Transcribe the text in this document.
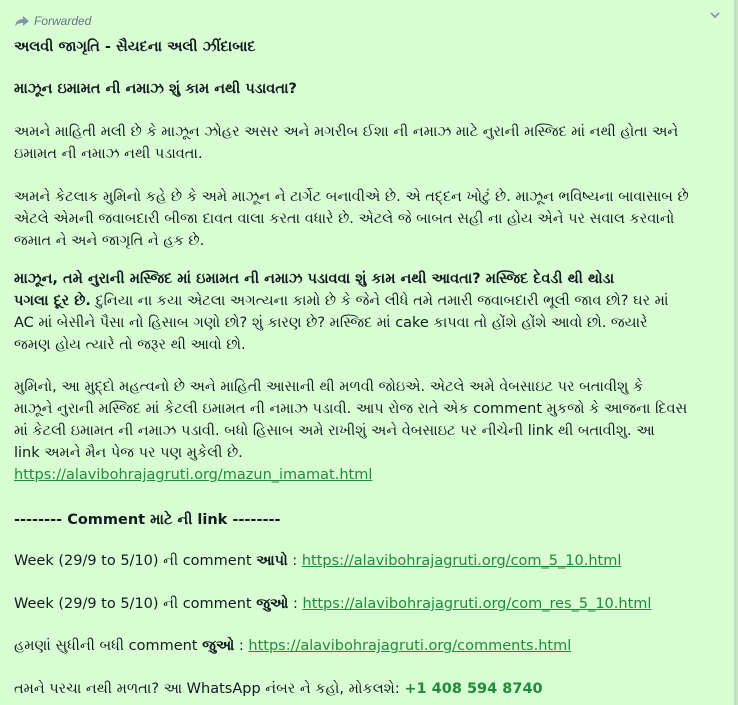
Forwarded
અલવી જાગૃતિ - સૈયદના અલી ઝીંદાબાદ
માઝૂન ઇમામત ની નમાઝ શું કામ નથી પડાવતા?
અમને માહિતી મલી છે કે માઝૂન ઝોહર અસર અને મગરીબ ઈશા ની નમાઝ માટે નુરાની મસ્જિદ માં નથી હોતા અને
ઇમામત ની નમાઝ નથી પડાવતા.
અમને કેટલાક મુમિનો કહે છે કે અમે માઝૂન ને ટાર્ગેટ બનાવીએ છે. એ તદ્દન ખોટું છે. માઝૂન ભવિષ્યના બાવાસાબ છે
એટલે એમની જવાબદારી બીજા દાવત વાલા કરતા વધારે છે. એટલે જે બાબત સહી ના હોય એને પર સવાલ કરવાનો
જમાત ને અને જાગૃતિ ને હક છે.
માઝૂન, તમે નુરાની મસ્જિદ માં ઇમામત ની નમાઝ પડાવવા શું કામ નથી આવતા? મસ્જિદ દેવડી થી થોડા
પગલા દૂર છે. દુનિયા ના કયા એટલા અગત્યના કામો છે કે જેને લીધે તમે તમારી જવાબદારી ભૂલી જાવ છો? ઘર માં
AC માં બેસીને પૈસા નો હિસાબ ગણો છો? શું કારણ છે? મસ્જિદ માં cake કાપવા તો હોંશે હોંશે આવો છો. જયારે
જમણ હોય ત્યારે તો જરૂર થી આવો છો.
મુમિનો, આ મુદ્દો મહત્વનો છે અને માહિતી આસાની થી મળવી જોઇએ. એટલે અમે વેબસાઇટ પર બતાવીશુ કે
માઝૂને નુરાની મસ્જિદ માં કેટલી ઇમામત ની નમાઝ પડાવી. આપ રોજ રાતે એક comment મુકજો કે આજના દિવસ
માં કેટલી ઇમામત ની નમાઝ પડાવી. બધો હિસાબ અમે રાખીશું અને વેબસાઇટ પર નીચેની link થી બતાવીશુ. આ
link અમને મૈન પેજ પર પણ મુકેલી છે.
https://alavibohrajagruti.org/mazun_imamat.html
-------- Comment માટે ની link --------
Week (29/9 to 5/10) ની comment આપો : https://alavibohrajagruti.org/com_5_10.html
Week (29/9 to 5/10) ની comment જુઓ : https://alavibohrajagruti.org/com_res_5_10.html
હમણાં સુધીની બધી comment જુઓ : https://alavibohrajagruti.org/comments.html
તમને પરચા નથી મળતા? આ WhatsApp નંબર ને કહો, મોકલશે: +1 408 594 8740
